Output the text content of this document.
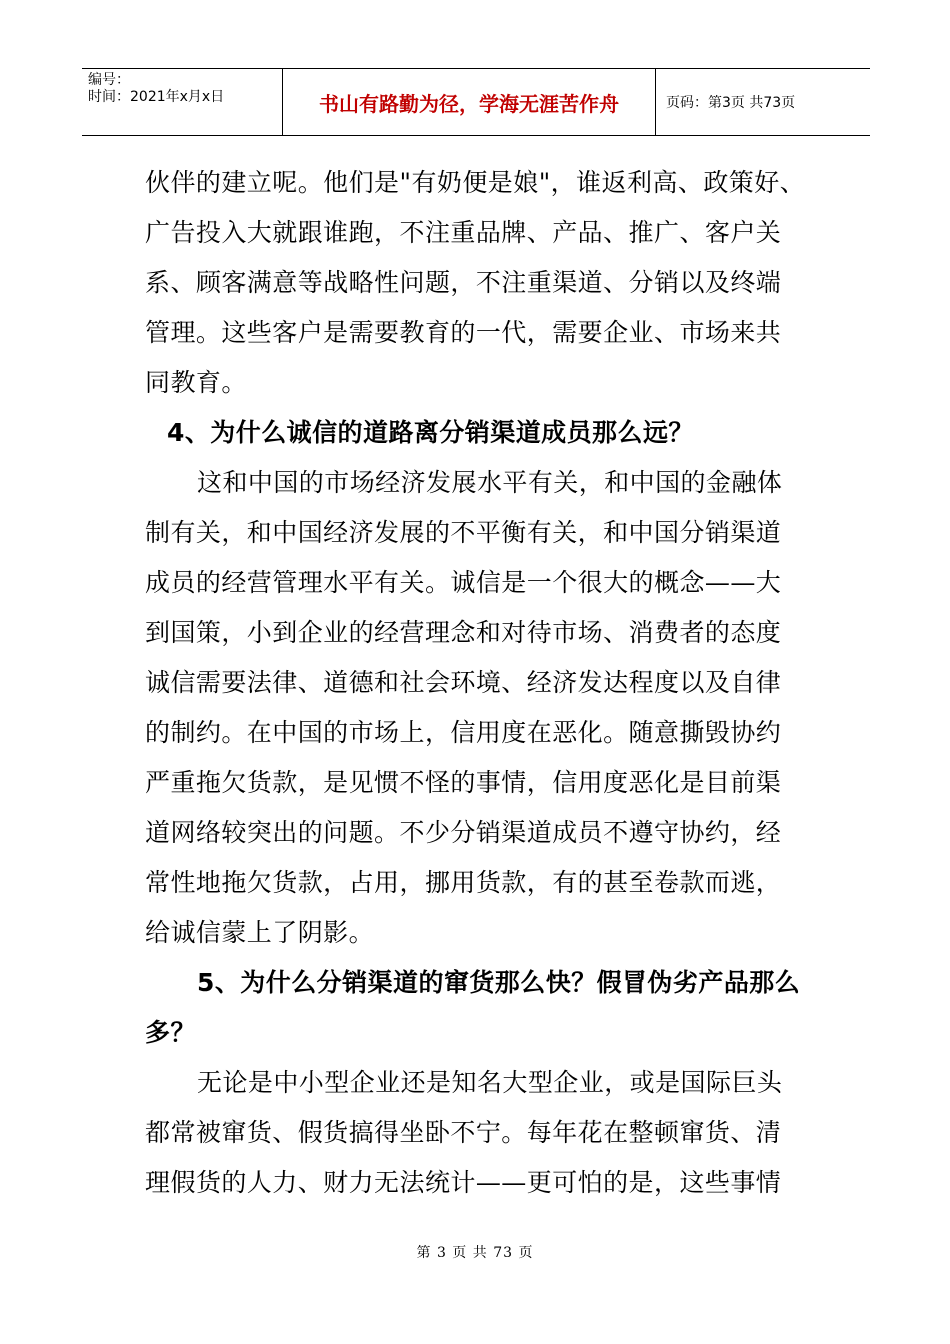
编号：
时间：2021年x月x日	书山有路勤为径，学海无涯苦作舟	页码：第3页 共73页
伙伴的建立呢。他们是"有奶便是娘"，谁返利高、政策好、
广告投入大就跟谁跑，不注重品牌、产品、推广、客户关
系、顾客满意等战略性问题，不注重渠道、分销以及终端
管理。这些客户是需要教育的一代，需要企业、市场来共
同教育。
4、为什么诚信的道路离分销渠道成员那么远？
这和中国的市场经济发展水平有关，和中国的金融体
制有关，和中国经济发展的不平衡有关，和中国分销渠道
成员的经营管理水平有关。诚信是一个很大的概念——大
到国策，小到企业的经营理念和对待市场、消费者的态度
诚信需要法律、道德和社会环境、经济发达程度以及自律
的制约。在中国的市场上，信用度在恶化。随意撕毁协约
严重拖欠货款，是见惯不怪的事情，信用度恶化是目前渠
道网络较突出的问题。不少分销渠道成员不遵守协约，经
常性地拖欠货款，占用，挪用货款，有的甚至卷款而逃，
给诚信蒙上了阴影。
5、为什么分销渠道的窜货那么快？假冒伪劣产品那么
多？
无论是中小型企业还是知名大型企业，或是国际巨头
都常被窜货、假货搞得坐卧不宁。每年花在整顿窜货、清
理假货的人力、财力无法统计——更可怕的是，这些事情
第 3 页 共 73 页
